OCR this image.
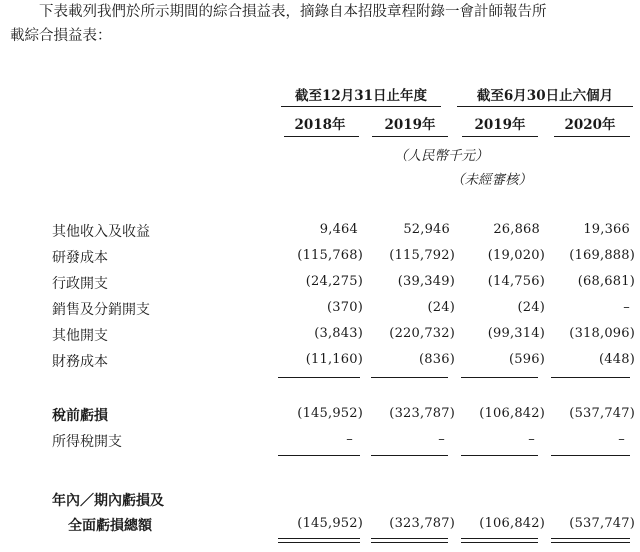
下表載列我們於所示期間的綜合損益表，摘錄自本招股章程附錄一會計師報告所

載綜合損益表：

截至12月31日止年度	截至6月30日止六個月
2018年	2019年	2019年	2020年
（人民幣千元）
（未經審核）
其他收入及收益	9,464	52,946	26,868	19,366
研發成本	(115,768)	(115,792)	(19,020)	(169,888)
行政開支	(24,275)	(39,349)	(14,756)	(68,681)
銷售及分銷開支	(370)	(24)	(24)	–
其他開支	(3,843)	(220,732)	(99,314)	(318,096)
財務成本	(11,160)	(836)	(596)	(448)
稅前虧損	(145,952)	(323,787)	(106,842)	(537,747)
所得稅開支	–	–	–	–
年內／期內虧損及
全面虧損總額	(145,952)	(323,787)	(106,842)	(537,747)
